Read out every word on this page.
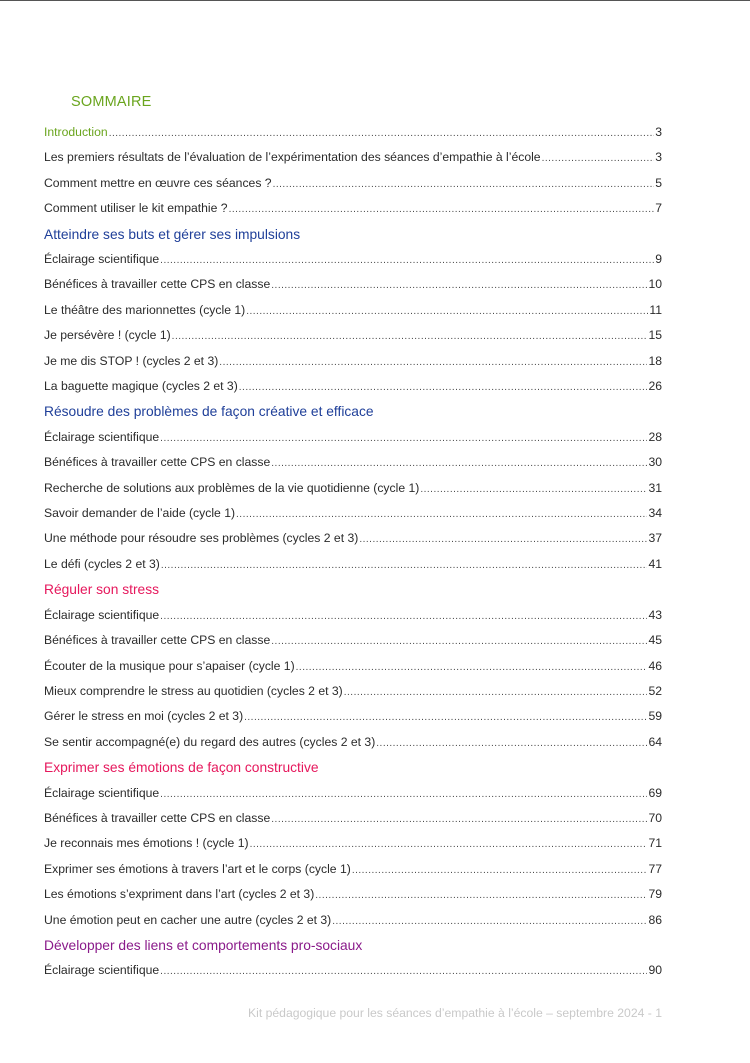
SOMMAIRE
Introduction .....	3
Les premiers résultats de l’évaluation de l’expérimentation des séances d’empathie à l’école .....	3
Comment mettre en œuvre ces séances ? .....	5
Comment utiliser le kit empathie ? .....	7
Atteindre ses buts et gérer ses impulsions
Éclairage scientifique .....	9
Bénéfices à travailler cette CPS en classe .....	10
Le théâtre des marionnettes (cycle 1) .....	11
Je persévère ! (cycle 1) .....	15
Je me dis STOP ! (cycles 2 et 3) .....	18
La baguette magique (cycles 2 et 3) .....	26
Résoudre des problèmes de façon créative et efficace
Éclairage scientifique .....	28
Bénéfices à travailler cette CPS en classe .....	30
Recherche de solutions aux problèmes de la vie quotidienne (cycle 1) .....	31
Savoir demander de l’aide (cycle 1) .....	34
Une méthode pour résoudre ses problèmes (cycles 2 et 3) .....	37
Le défi (cycles 2 et 3) .....	41
Réguler son stress
Éclairage scientifique .....	43
Bénéfices à travailler cette CPS en classe .....	45
Écouter de la musique pour s’apaiser (cycle 1) .....	46
Mieux comprendre le stress au quotidien (cycles 2 et 3) .....	52
Gérer le stress en moi (cycles 2 et 3) .....	59
Se sentir accompagné(e) du regard des autres (cycles 2 et 3) .....	64
Exprimer ses émotions de façon constructive
Éclairage scientifique .....	69
Bénéfices à travailler cette CPS en classe .....	70
Je reconnais mes émotions ! (cycle 1) .....	71
Exprimer ses émotions à travers l’art et le corps (cycle 1) .....	77
Les émotions s’expriment dans l’art (cycles 2 et 3) .....	79
Une émotion peut en cacher une autre (cycles 2 et 3) .....	86
Développer des liens et comportements pro-sociaux
Éclairage scientifique .....	90
Kit pédagogique pour les séances d’empathie à l’école – septembre 2024 - 1
